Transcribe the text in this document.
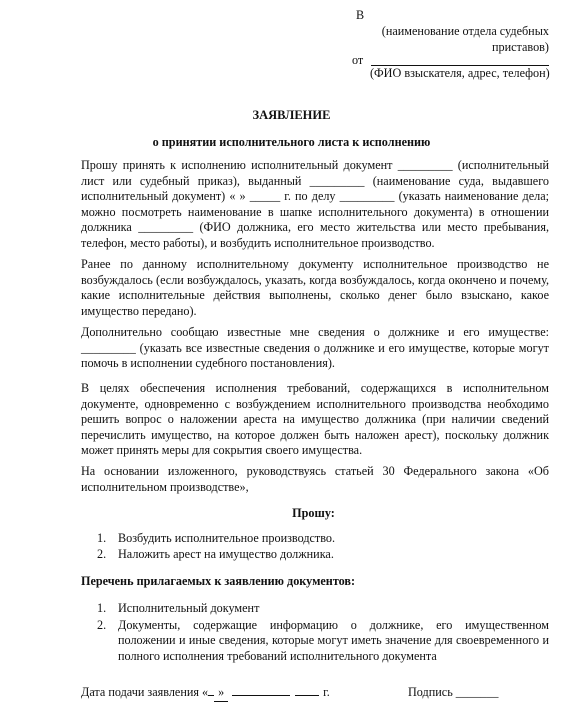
В
(наименование отдела судебных
приставов)
от
(ФИО взыскателя, адрес, телефон)
ЗАЯВЛЕНИЕ
о принятии исполнительного листа к исполнению
Прошу принять к исполнению исполнительный документ _________ (исполнительный лист или судебный приказ), выданный _________ (наименование суда, выдавшего исполнительный документ) « » _____ г. по делу _________ (указать наименование дела; можно посмотреть наименование в шапке исполнительного документа) в отношении должника _________ (ФИО должника, его место жительства или место пребывания, телефон, место работы), и возбудить исполнительное производство.
Ранее по данному исполнительному документу исполнительное производство не возбуждалось (если возбуждалось, указать, когда возбуждалось, когда окончено и почему, какие исполнительные действия выполнены, сколько денег было взыскано, какое имущество передано).
Дополнительно сообщаю известные мне сведения о должнике и его имуществе: _________ (указать все известные сведения о должнике и его имуществе, которые могут помочь в исполнении судебного постановления).
В целях обеспечения исполнения требований, содержащихся в исполнительном документе, одновременно с возбуждением исполнительного производства необходимо решить вопрос о наложении ареста на имущество должника (при наличии сведений перечислить имущество, на которое должен быть наложен арест), поскольку должник может принять меры для сокрытия своего имущества.
На основании изложенного, руководствуясь статьей 30 Федерального закона «Об исполнительном производстве»,
Прошу:
1. Возбудить исполнительное производство.
2. Наложить арест на имущество должника.
Перечень прилагаемых к заявлению документов:
1. Исполнительный документ
2. Документы, содержащие информацию о должнике, его имущественном положении и иные сведения, которые могут иметь значение для своевременного и полного исполнения требований исполнительного документа
Дата подачи заявления « »	г.	Подпись _______
